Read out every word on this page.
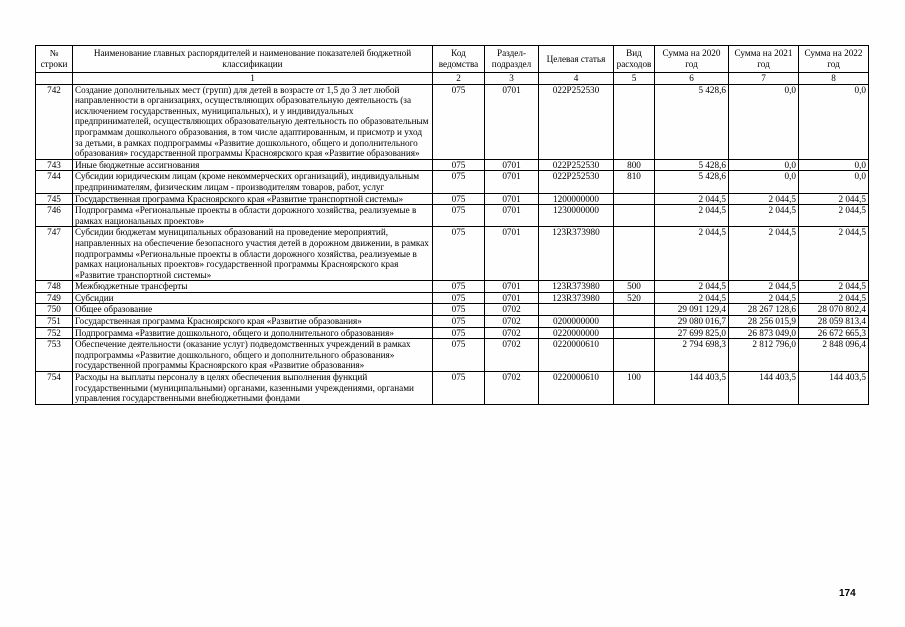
№ строки	Наименование главных распорядителей и наименование показателей бюджетной классификации	Код ведомства	Раздел-подраздел	Целевая статья	Вид расходов	Сумма на 2020 год	Сумма на 2021 год	Сумма на 2022 год
	1	2	3	4	5	6	7	8
742	Создание дополнительных мест (групп) для детей в возрасте от 1,5 до 3 лет любой направленности в организациях, осуществляющих образовательную деятельность (за исключением государственных, муниципальных), и у индивидуальных предпринимателей, осуществляющих образовательную деятельность по образовательным программам дошкольного образования, в том числе адаптированным, и присмотр и уход за детьми, в рамках подпрограммы «Развитие дошкольного, общего и дополнительного образования» государственной программы Красноярского края «Развитие образования»	075	0701	022P252530		5 428,6	0,0	0,0
743	Иные бюджетные ассигнования	075	0701	022P252530	800	5 428,6	0,0	0,0
744	Субсидии юридическим лицам (кроме некоммерческих организаций), индивидуальным предпринимателям, физическим лицам - производителям товаров, работ, услуг	075	0701	022P252530	810	5 428,6	0,0	0,0
745	Государственная программа Красноярского края «Развитие транспортной системы»	075	0701	1200000000		2 044,5	2 044,5	2 044,5
746	Подпрограмма «Региональные проекты в области дорожного хозяйства, реализуемые в рамках национальных проектов»	075	0701	1230000000		2 044,5	2 044,5	2 044,5
747	Субсидии бюджетам муниципальных образований на проведение мероприятий, направленных на обеспечение безопасного участия детей в дорожном движении, в рамках подпрограммы «Региональные проекты в области дорожного хозяйства, реализуемые в рамках национальных проектов» государственной программы Красноярского края «Развитие транспортной системы»	075	0701	123R373980		2 044,5	2 044,5	2 044,5
748	Межбюджетные трансферты	075	0701	123R373980	500	2 044,5	2 044,5	2 044,5
749	Субсидии	075	0701	123R373980	520	2 044,5	2 044,5	2 044,5
750	Общее образование	075	0702			29 091 129,4	28 267 128,6	28 070 802,4
751	Государственная программа Красноярского края «Развитие образования»	075	0702	0200000000		29 080 016,7	28 256 015,9	28 059 813,4
752	Подпрограмма «Развитие дошкольного, общего и дополнительного образования»	075	0702	0220000000		27 699 825,0	26 873 049,0	26 672 665,3
753	Обеспечение деятельности (оказание услуг) подведомственных учреждений в рамках подпрограммы «Развитие дошкольного, общего и дополнительного образования» государственной программы Красноярского края «Развитие образования»	075	0702	0220000610		2 794 698,3	2 812 796,0	2 848 096,4
754	Расходы на выплаты персоналу в целях обеспечения выполнения функций государственными (муниципальными) органами, казенными учреждениями, органами управления государственными внебюджетными фондами	075	0702	0220000610	100	144 403,5	144 403,5	144 403,5
174
